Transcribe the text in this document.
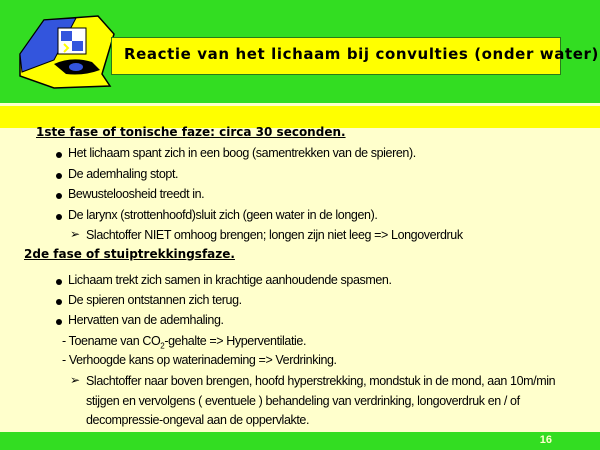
Reactie van het lichaam bij convulties (onder water)
1ste fase of tonische faze: circa 30 seconden.
Het lichaam spant zich in een boog (samentrekken van de spieren).
De ademhaling stopt.
Bewusteloosheid treedt in.
De larynx (strottenhoofd)sluit zich (geen water in de longen).
➢ Slachtoffer NIET omhoog brengen; longen zijn niet leeg => Longoverdruk
2de fase of stuiptrekkingsfaze.
Lichaam trekt zich samen in krachtige aanhoudende spasmen.
De spieren ontstannen zich terug.
Hervatten van de ademhaling.
- Toename van $CO_2$-gehalte => Hyperventilatie.
- Verhoogde kans op waterinademing => Verdrinking.
➢ Slachtoffer naar boven brengen, hoofd hyperstrekking, mondstuk in de mond, aan 10m/min
stijgen en vervolgens ( eventuele ) behandeling van verdrinking, longoverdruk en / of
decompressie-ongeval aan de oppervlakte.
16
